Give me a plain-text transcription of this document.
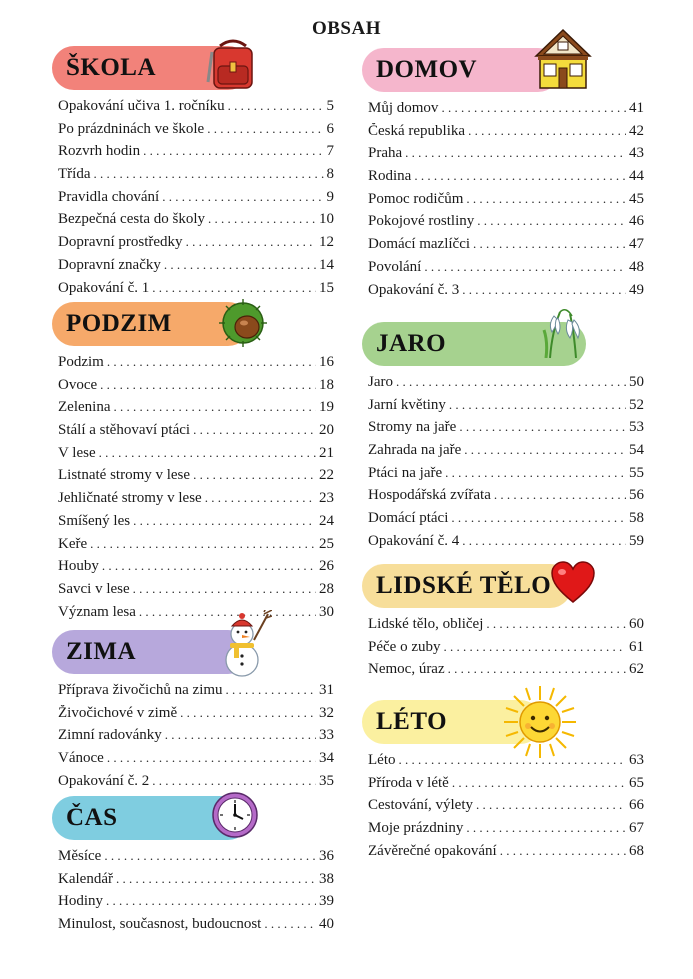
OBSAH
ŠKOLA
Opakování učiva 1. ročníku . . .	5
Po prázdninách ve škole . . .	6
Rozvrh hodin . . .	7
Třída . . .	8
Pravidla chování . . .	9
Bezpečná cesta do školy . . .	10
Dopravní prostředky . . .	12
Dopravní značky . . .	14
Opakování č. 1 . . .	15
PODZIM
Podzim . . .	16
Ovoce . . .	18
Zelenina . . .	19
Stálí a stěhovaví ptáci . . .	20
V lese . . .	21
Listnaté stromy v lese . . .	22
Jehličnaté stromy v lese . . .	23
Smíšený les . . .	24
Keře . . .	25
Houby . . .	26
Savci v lese . . .	28
Význam lesa . . .	30
ZIMA
Příprava živočichů na zimu . . .	31
Živočichové v zimě . . .	32
Zimní radovánky . . .	33
Vánoce . . .	34
Opakování č. 2 . . .	35
ČAS
Měsíce . . .	36
Kalendář . . .	38
Hodiny . . .	39
Minulost, současnost, budoucnost . . .	40
DOMOV
Můj domov . . .	41
Česká republika . . .	42
Praha . . .	43
Rodina . . .	44
Pomoc rodičům . . .	45
Pokojové rostliny . . .	46
Domácí mazlíčci . . .	47
Povolání . . .	48
Opakování č. 3 . . .	49
JARO
Jaro . . .	50
Jarní květiny . . .	52
Stromy na jaře . . .	53
Zahrada na jaře . . .	54
Ptáci na jaře . . .	55
Hospodářská zvířata . . .	56
Domácí ptáci . . .	58
Opakování č. 4 . . .	59
LIDSKÉ TĚLO
Lidské tělo, obličej . . .	60
Péče o zuby . . .	61
Nemoc, úraz . . .	62
LÉTO
Léto . . .	63
Příroda v létě . . .	65
Cestování, výlety . . .	66
Moje prázdniny . . .	67
Závěrečné opakování . . .	68
